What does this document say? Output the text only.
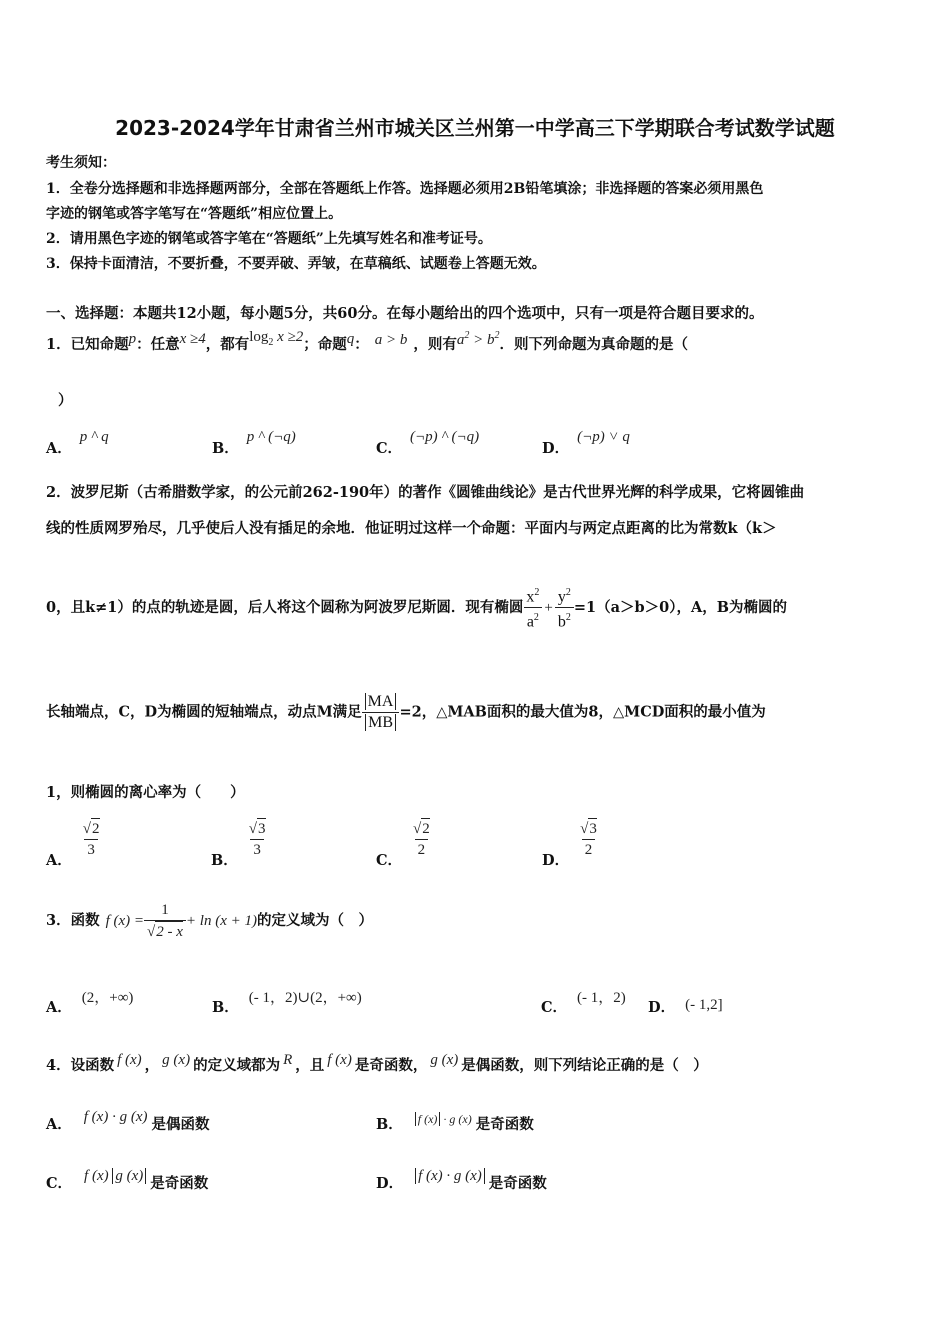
2023-2024学年甘肃省兰州市城关区兰州第一中学高三下学期联合考试数学试题
考生须知：
1．全卷分选择题和非选择题两部分，全部在答题纸上作答。选择题必须用2B铅笔填涂；非选择题的答案必须用黑色
字迹的钢笔或答字笔写在“答题纸”相应位置上。
2．请用黑色字迹的钢笔或答字笔在“答题纸”上先填写姓名和准考证号。
3．保持卡面清洁，不要折叠，不要弄破、弄皱，在草稿纸、试题卷上答题无效。
一、选择题：本题共12小题，每小题5分，共60分。在每小题给出的四个选项中，只有一项是符合题目要求的。
1．已知命题$^p$：任意$^{x \ge 4}$，都有$\log_2 x \ge 2$；命题$^q$： a > b ，则有$a^2 > b^2$．则下列命题为真命题的是（
）
A．p ^ q
B．p ^ (¬q)
C．(¬p) ^ (¬q)
D．(¬p) ˅ q
2．波罗尼斯（古希腊数学家，的公元前262-190年）的著作《圆锥曲线论》是古代世界光辉的科学成果，它将圆锥曲
线的性质网罗殆尽，几乎使后人没有插足的余地．他证明过这样一个命题：平面内与两定点距离的比为常数k（k＞
0，且k≠1）的点的轨迹是圆，后人将这个圆称为阿波罗尼斯圆．现有椭圆 $\frac{x^2}{a^2} + \frac{y^2}{b^2} =1(a>b>0)$，A，B为椭圆的
长轴端点，C，D为椭圆的短轴端点，动点M满足 $\frac{MA}{MB} =2$，△MAB面积的最大值为8，△MCD面积的最小值为
1，则椭圆的离心率为（　　）
A．
$\frac{√2}{3}$
B．
$\frac{√3}{3}$
C．
$\frac{√2}{2}$
D．
$\frac{√3}{2}$
3．函数 f $(x) = \frac{1}{√2 - x} + \ln (x + 1)$的定义域为（　）
A．(2，+∞)
B．(- 1，2)∪(2，+∞)
C．(- 1，2)
D． (- 1,2]
4．设函数 f (x) ， g (x) 的定义域都为 R ，且 f (x) 是奇函数， g (x) 是偶函数，则下列结论正确的是（　）
A． f (x) · g (x) 是偶函数	B． $^{f (x) \cdot g (x)}$ 是奇函数
C． f (x) g (x) 是奇函数	D． f (x) · g (x) 是奇函数
